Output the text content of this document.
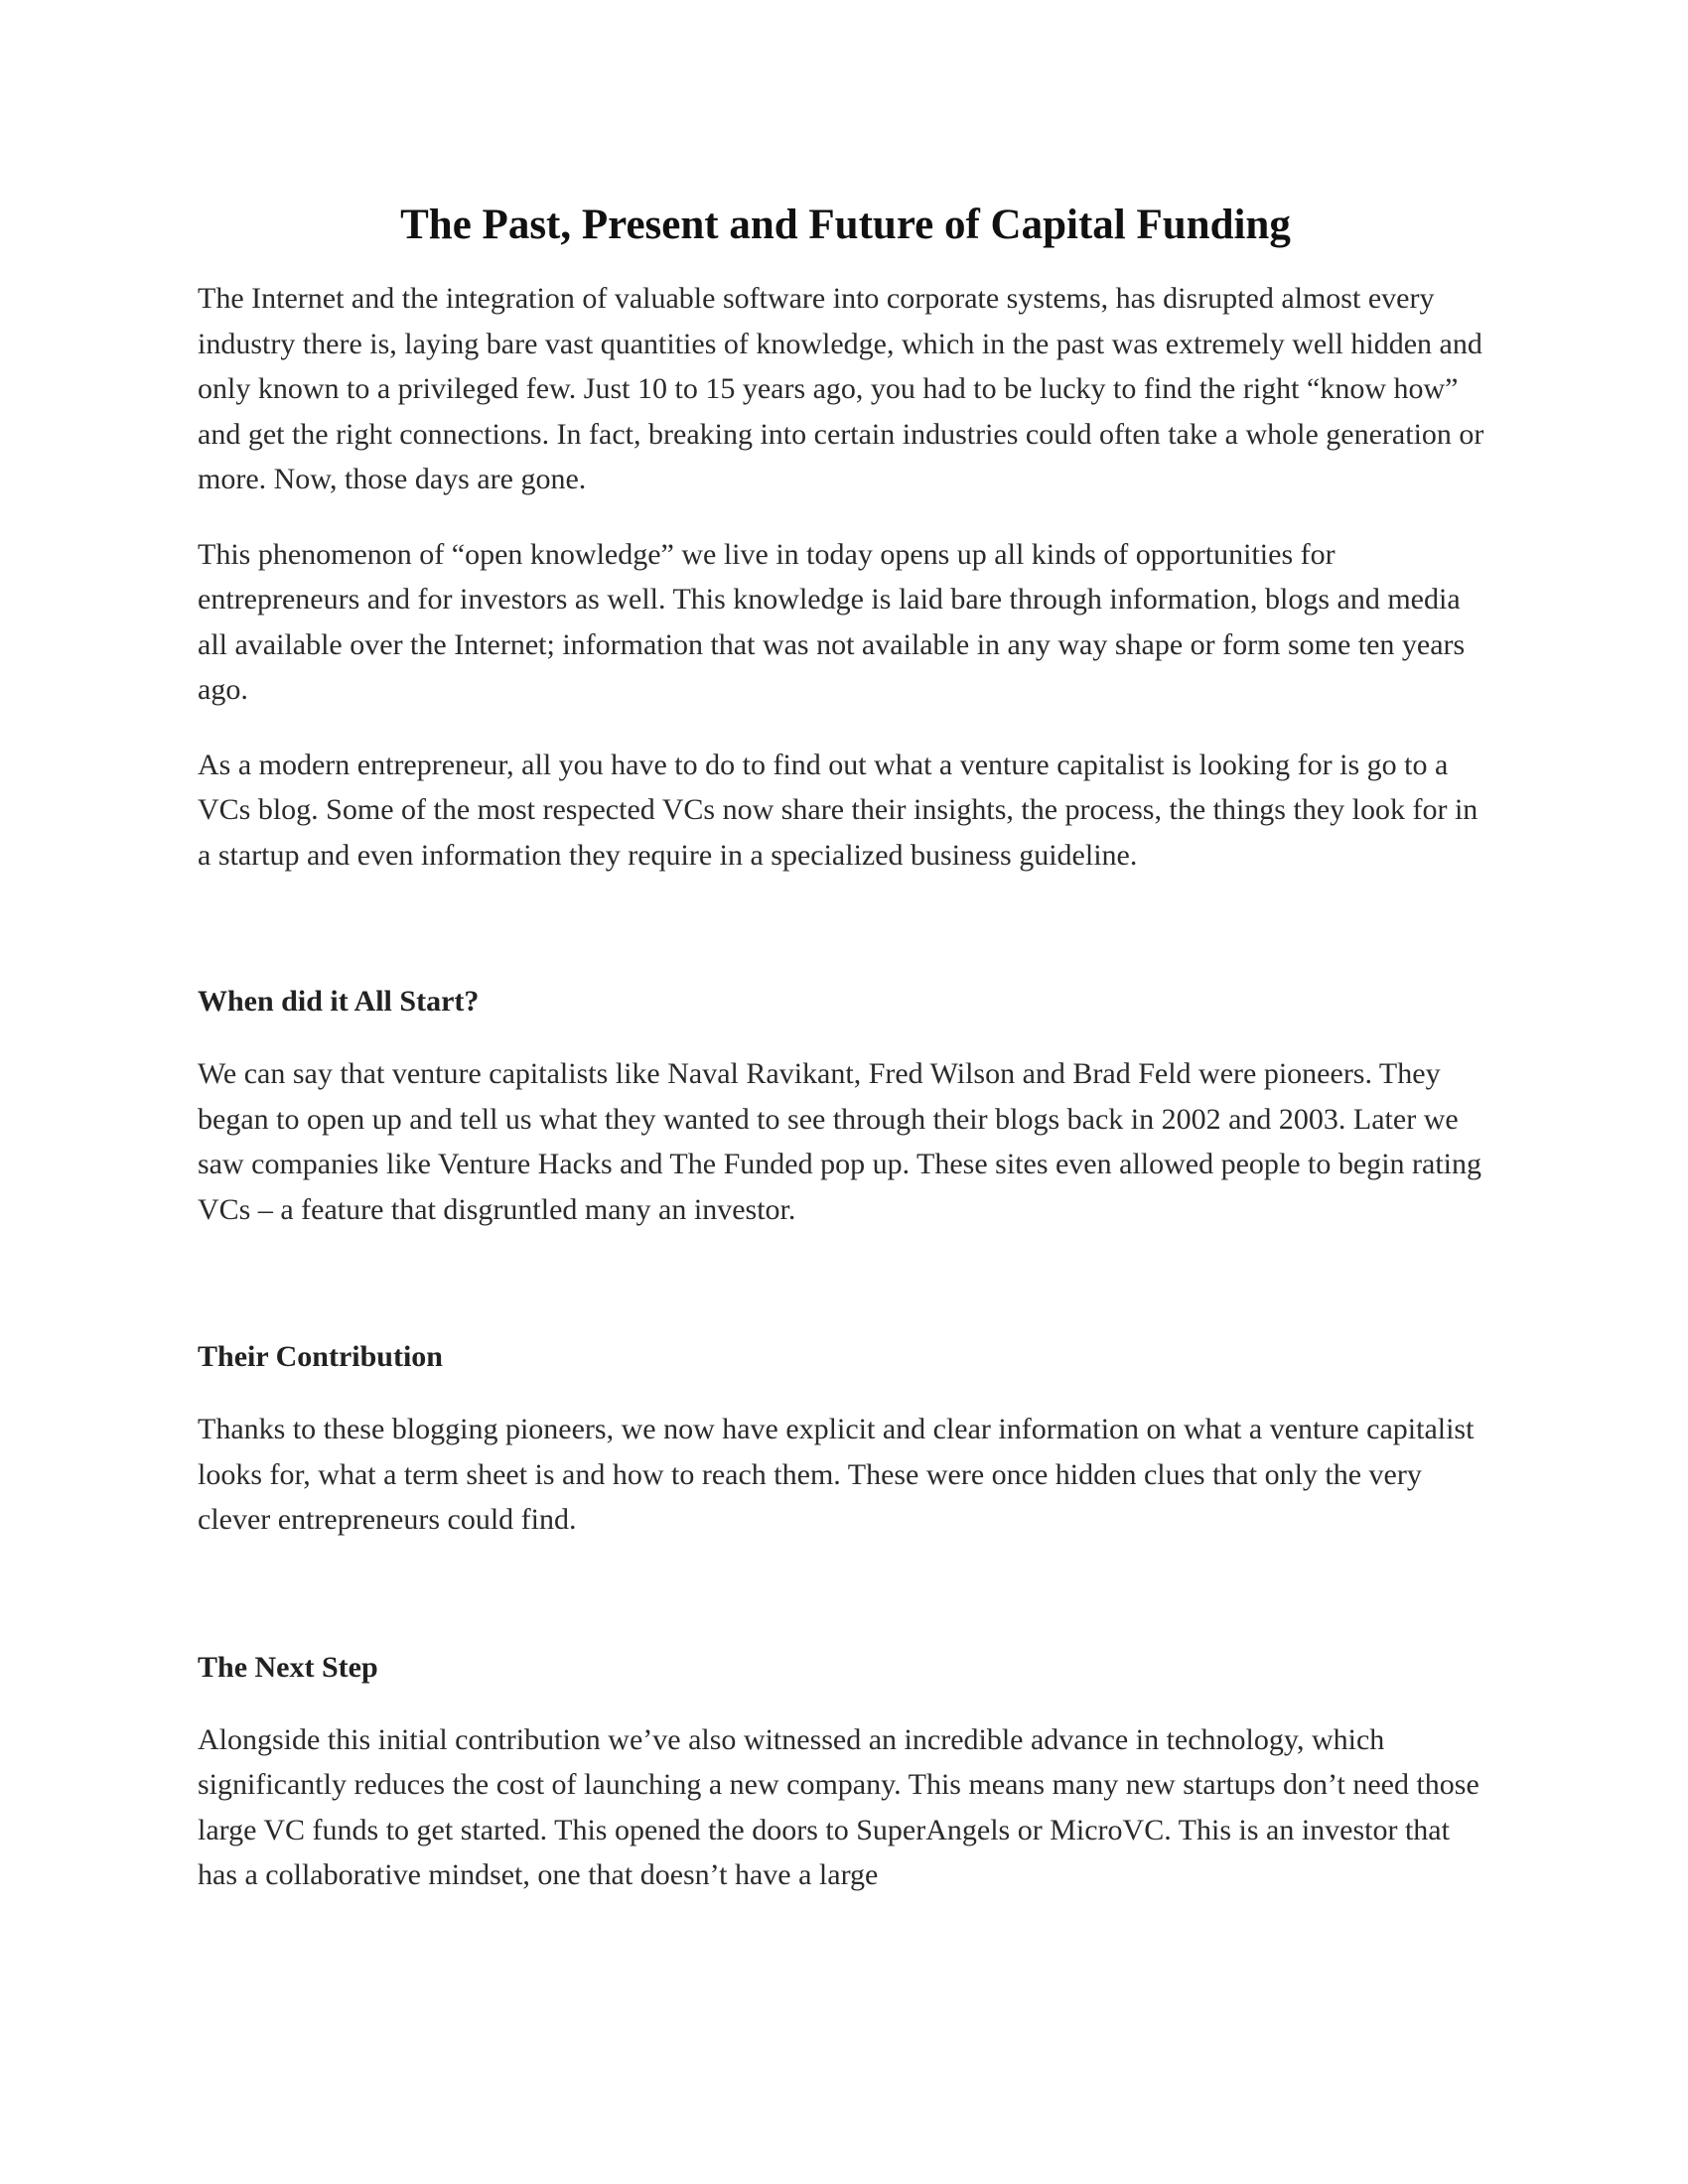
The Past, Present and Future of Capital Funding

The Internet and the integration of valuable software into corporate systems, has disrupted almost every industry there is, laying bare vast quantities of knowledge, which in the past was extremely well hidden and only known to a privileged few. Just 10 to 15 years ago, you had to be lucky to find the right “know how” and get the right connections. In fact, breaking into certain industries could often take a whole generation or more. Now, those days are gone.

This phenomenon of “open knowledge” we live in today opens up all kinds of opportunities for entrepreneurs and for investors as well. This knowledge is laid bare through information, blogs and media all available over the Internet; information that was not available in any way shape or form some ten years ago.

As a modern entrepreneur, all you have to do to find out what a venture capitalist is looking for is go to a VCs blog. Some of the most respected VCs now share their insights, the process, the things they look for in a startup and even information they require in a specialized business guideline.

When did it All Start?

We can say that venture capitalists like Naval Ravikant, Fred Wilson and Brad Feld were pioneers. They began to open up and tell us what they wanted to see through their blogs back in 2002 and 2003. Later we saw companies like Venture Hacks and The Funded pop up. These sites even allowed people to begin rating VCs – a feature that disgruntled many an investor.

Their Contribution

Thanks to these blogging pioneers, we now have explicit and clear information on what a venture capitalist looks for, what a term sheet is and how to reach them. These were once hidden clues that only the very clever entrepreneurs could find.

The Next Step

Alongside this initial contribution we’ve also witnessed an incredible advance in technology, which significantly reduces the cost of launching a new company. This means many new startups don’t need those large VC funds to get started. This opened the doors to SuperAngels or MicroVC. This is an investor that has a collaborative mindset, one that doesn’t have a large
